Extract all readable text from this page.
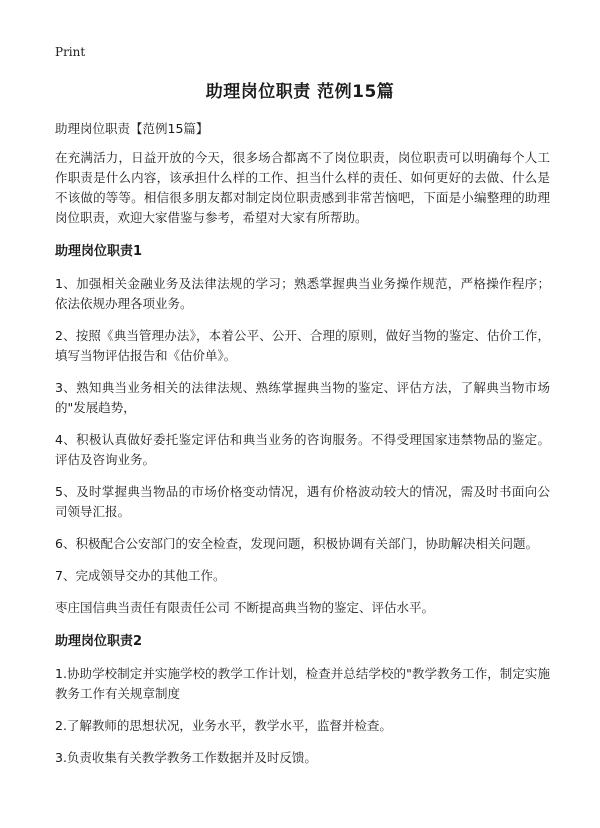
Print
助理岗位职责 范例15篇

助理岗位职责【范例15篇】

在充满活力，日益开放的今天，很多场合都离不了岗位职责，岗位职责可以明确每个人工作职责是什么内容，该承担什么样的工作、担当什么样的责任、如何更好的去做、什么是不该做的等等。相信很多朋友都对制定岗位职责感到非常苦恼吧，下面是小编整理的助理岗位职责，欢迎大家借鉴与参考，希望对大家有所帮助。

助理岗位职责1

1、加强相关金融业务及法律法规的学习；熟悉掌握典当业务操作规范，严格操作程序；依法依规办理各项业务。

2、按照《典当管理办法》，本着公平、公开、合理的原则，做好当物的鉴定、估价工作，填写当物评估报告和《估价单》。

3、熟知典当业务相关的法律法规、熟练掌握典当物的鉴定、评估方法，了解典当物市场的"发展趋势，

4、积极认真做好委托鉴定评估和典当业务的咨询服务。不得受理国家违禁物品的鉴定。评估及咨询业务。

5、及时掌握典当物品的市场价格变动情况，遇有价格波动较大的情况，需及时书面向公司领导汇报。

6、积极配合公安部门的安全检查，发现问题，积极协调有关部门，协助解决相关问题。

7、完成领导交办的其他工作。

枣庄国信典当责任有限责任公司 不断提高典当物的鉴定、评估水平。

助理岗位职责2

1.协助学校制定并实施学校的教学工作计划，检查并总结学校的"教学教务工作，制定实施教务工作有关规章制度

2.了解教师的思想状况，业务水平，教学水平，监督并检查。

3.负责收集有关教学教务工作数据并及时反馈。
